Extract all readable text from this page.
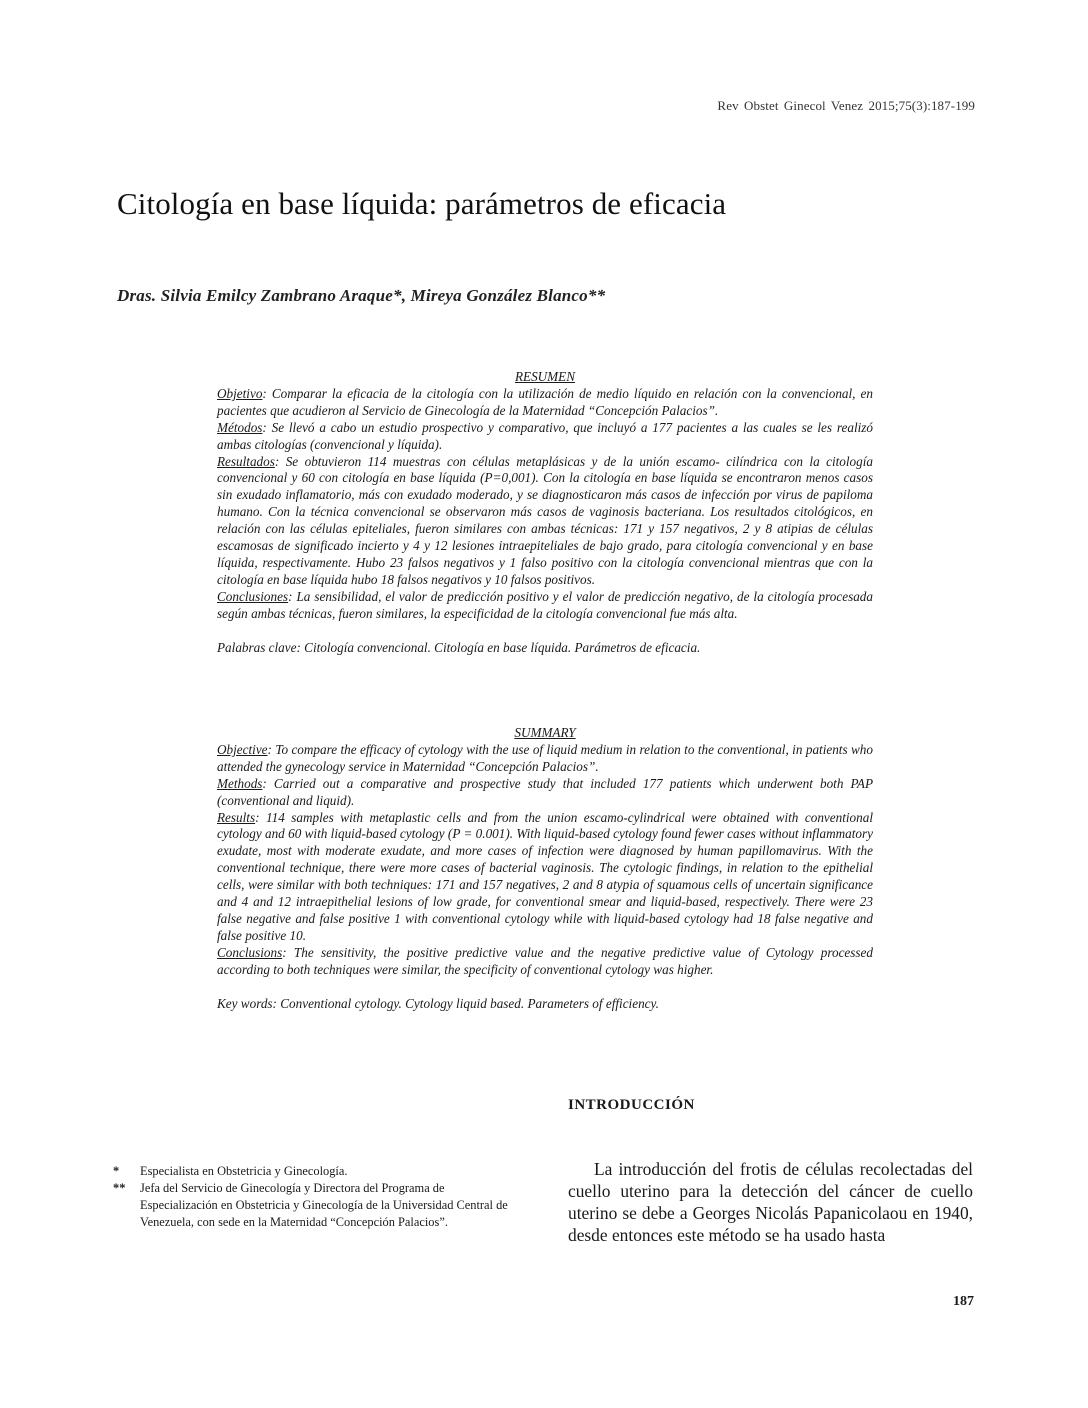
Rev Obstet Ginecol Venez 2015;75(3):187-199
Citología en base líquida: parámetros de eficacia
Dras. Silvia Emilcy Zambrano Araque*, Mireya González Blanco**

RESUMEN

Objetivo: Comparar la eficacia de la citología con la utilización de medio líquido en relación con la convencional, en pacientes que acudieron al Servicio de Ginecología de la Maternidad “Concepción Palacios”.

Métodos: Se llevó a cabo un estudio prospectivo y comparativo, que incluyó a 177 pacientes a las cuales se les realizó ambas citologías (convencional y líquida).

Resultados: Se obtuvieron 114 muestras con células metaplásicas y de la unión escamo- cilíndrica con la citología convencional y 60 con citología en base líquida (P=0,001). Con la citología en base líquida se encontraron menos casos sin exudado inflamatorio, más con exudado moderado, y se diagnosticaron más casos de infección por virus de papiloma humano. Con la técnica convencional se observaron más casos de vaginosis bacteriana. Los resultados citológicos, en relación con las células epiteliales, fueron similares con ambas técnicas: 171 y 157 negativos, 2 y 8 atipias de células escamosas de significado incierto y 4 y 12 lesiones intraepiteliales de bajo grado, para citología convencional y en base líquida, respectivamente. Hubo 23 falsos negativos y 1 falso positivo con la citología convencional mientras que con la citología en base líquida hubo 18 falsos negativos y 10 falsos positivos.

Conclusiones: La sensibilidad, el valor de predicción positivo y el valor de predicción negativo, de la citología procesada según ambas técnicas, fueron similares, la especificidad de la citología convencional fue más alta.

Palabras clave: Citología convencional. Citología en base líquida. Parámetros de eficacia.

SUMMARY

Objective: To compare the efficacy of cytology with the use of liquid medium in relation to the conventional, in patients who attended the gynecology service in Maternidad “Concepción Palacios”.

Methods: Carried out a comparative and prospective study that included 177 patients which underwent both PAP (conventional and liquid).

Results: 114 samples with metaplastic cells and from the union escamo-cylindrical were obtained with conventional cytology and 60 with liquid-based cytology (P = 0.001). With liquid-based cytology found fewer cases without inflammatory exudate, most with moderate exudate, and more cases of infection were diagnosed by human papillomavirus. With the conventional technique, there were more cases of bacterial vaginosis. The cytologic findings, in relation to the epithelial cells, were similar with both techniques: 171 and 157 negatives, 2 and 8 atypia of squamous cells of uncertain significance and 4 and 12 intraepithelial lesions of low grade, for conventional smear and liquid-based, respectively. There were 23 false negative and false positive 1 with conventional cytology while with liquid-based cytology had 18 false negative and false positive 10.

Conclusions: The sensitivity, the positive predictive value and the negative predictive value of Cytology processed according to both techniques were similar, the specificity of conventional cytology was higher.

Key words: Conventional cytology. Cytology liquid based. Parameters of efficiency.

INTRODUCCIÓN
*	Especialista en Obstetricia y Ginecología.
**	Jefa del Servicio de Ginecología y Directora del Programa de Especialización en Obstetricia y Ginecología de la Universidad Central de Venezuela, con sede en la Maternidad “Concepción Palacios”.

La introducción del frotis de células recolectadas del cuello uterino para la detección del cáncer de cuello uterino se debe a Georges Nicolás Papanicolaou en 1940, desde entonces este método se ha usado hasta

187
